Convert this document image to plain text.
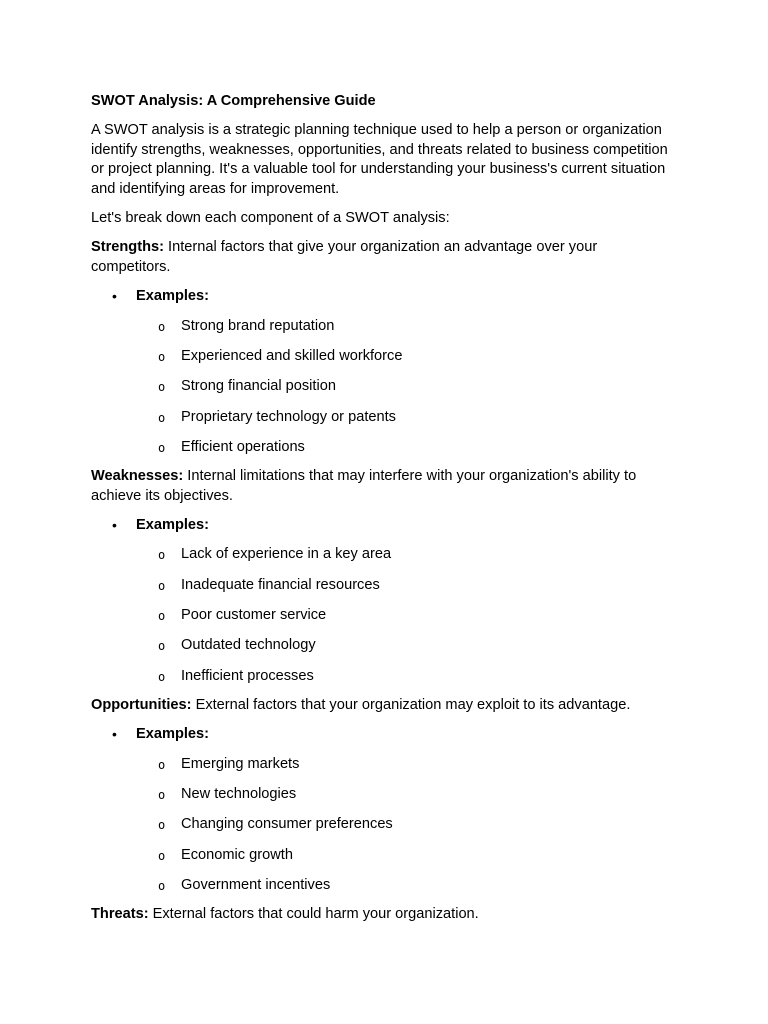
SWOT Analysis: A Comprehensive Guide

A SWOT analysis is a strategic planning technique used to help a person or organization identify strengths, weaknesses, opportunities, and threats related to business competition or project planning. It's a valuable tool for understanding your business's current situation and identifying areas for improvement.

Let's break down each component of a SWOT analysis:

Strengths: Internal factors that give your organization an advantage over your competitors.

• Examples:
o Strong brand reputation
o Experienced and skilled workforce
o Strong financial position
o Proprietary technology or patents
o Efficient operations

Weaknesses: Internal limitations that may interfere with your organization's ability to achieve its objectives.

• Examples:
o Lack of experience in a key area
o Inadequate financial resources
o Poor customer service
o Outdated technology
o Inefficient processes

Opportunities: External factors that your organization may exploit to its advantage.

• Examples:
o Emerging markets
o New technologies
o Changing consumer preferences
o Economic growth
o Government incentives

Threats: External factors that could harm your organization.
